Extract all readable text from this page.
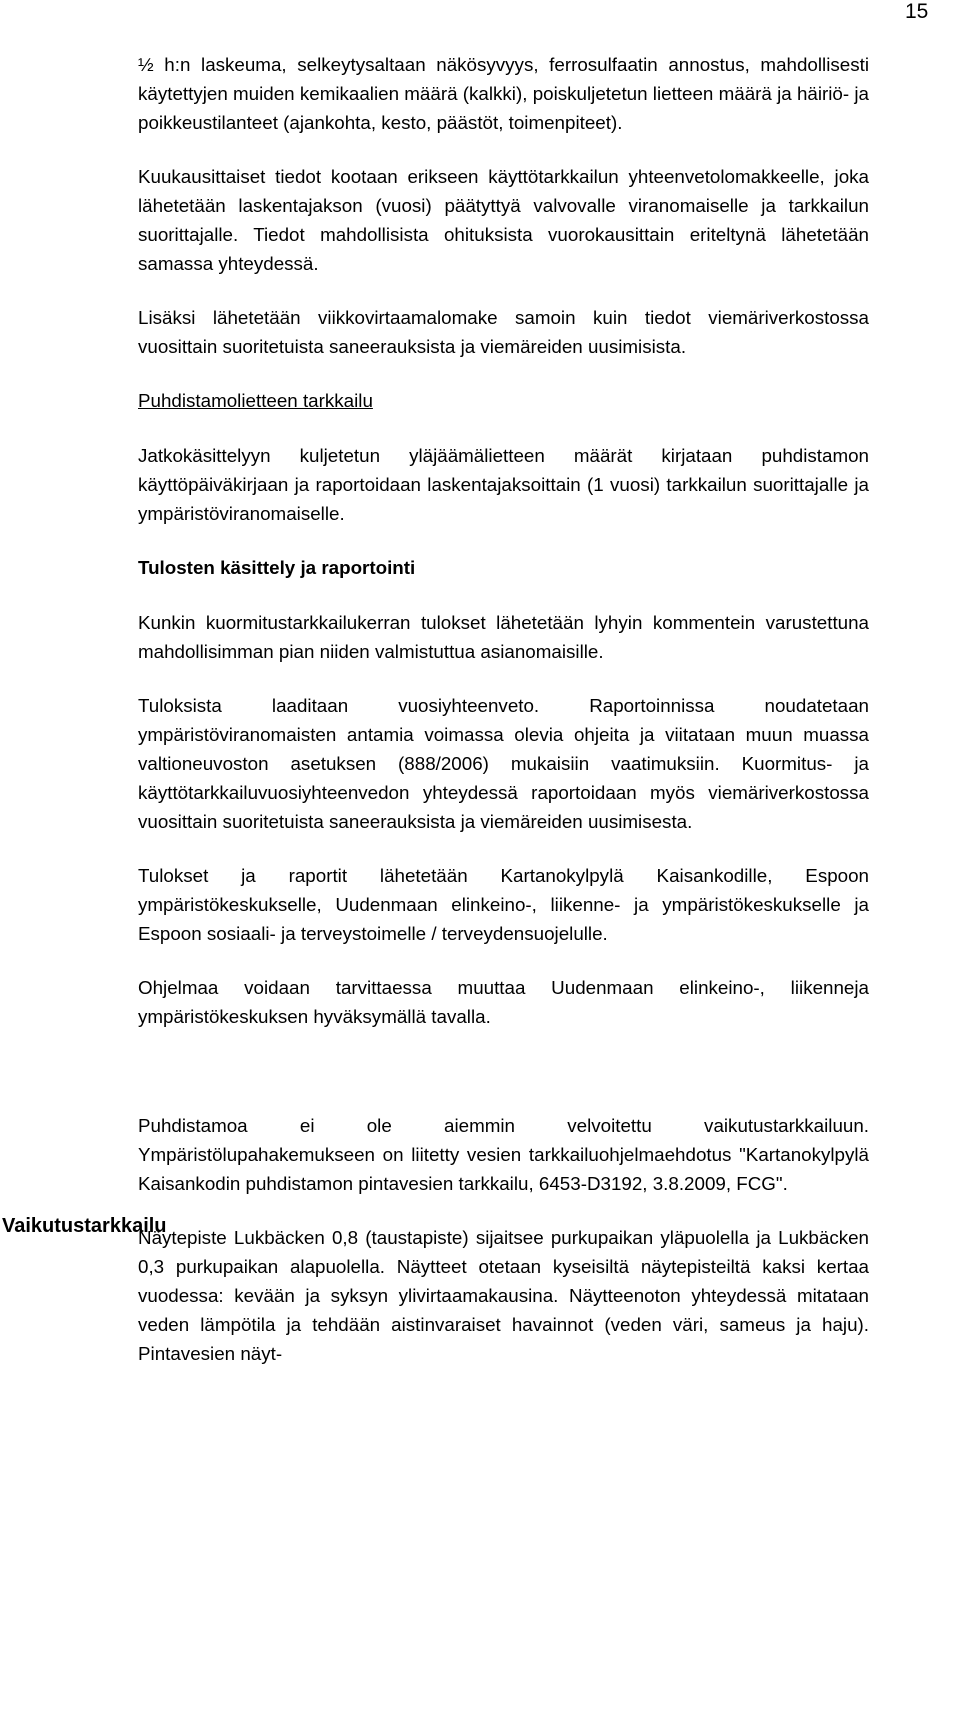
15
Vaikutustarkkailu

½ h:n laskeuma, selkeytysaltaan näkösyvyys, ferrosulfaatin annostus, mahdollisesti käytettyjen muiden kemikaalien määrä (kalkki), poiskuljetetun lietteen määrä ja häiriö- ja poikkeustilanteet (ajankohta, kesto, päästöt, toimenpiteet).

Kuukausittaiset tiedot kootaan erikseen käyttötarkkailun yhteenvetolomakkeelle, joka lähetetään laskentajakson (vuosi) päätyttyä valvovalle viranomaiselle ja tarkkailun suorittajalle. Tiedot mahdollisista ohituksista vuorokausittain eriteltynä lähetetään samassa yhteydessä.

Lisäksi lähetetään viikkovirtaamalomake samoin kuin tiedot viemäriverkostossa vuosittain suoritetuista saneerauksista ja viemäreiden uusimisista.

Puhdistamolietteen tarkkailu

Jatkokäsittelyyn kuljetetun yläjäämälietteen määrät kirjataan puhdistamon käyttöpäiväkirjaan ja raportoidaan laskentajaksoittain (1 vuosi) tarkkailun suorittajalle ja ympäristöviranomaiselle.

Tulosten käsittely ja raportointi

Kunkin kuormitustarkkailukerran tulokset lähetetään lyhyin kommentein varustettuna mahdollisimman pian niiden valmistuttua asianomaisille.

Tuloksista laaditaan vuosiyhteenveto. Raportoinnissa noudatetaan ympäristöviranomaisten antamia voimassa olevia ohjeita ja viitataan muun muassa valtioneuvoston asetuksen (888/2006) mukaisiin vaatimuksiin. Kuormitus- ja käyttötarkkailuvuosiyhteenvedon yhteydessä raportoidaan myös viemäriverkostossa vuosittain suoritetuista saneerauksista ja viemäreiden uusimisesta.

Tulokset ja raportit lähetetään Kartanokylpylä Kaisankodille, Espoon ympäristökeskukselle, Uudenmaan elinkeino-, liikenne- ja ympäristökeskukselle ja Espoon sosiaali- ja terveystoimelle / terveydensuojelulle.

Ohjelmaa voidaan tarvittaessa muuttaa Uudenmaan elinkeino-, liikenneja ympäristökeskuksen hyväksymällä tavalla.

Puhdistamoa ei ole aiemmin velvoitettu vaikutustarkkailuun. Ympäristölupahakemukseen on liitetty vesien tarkkailuohjelmaehdotus "Kartanokylpylä Kaisankodin puhdistamon pintavesien tarkkailu, 6453-D3192, 3.8.2009, FCG".

Näytepiste Lukbäcken 0,8 (taustapiste) sijaitsee purkupaikan yläpuolella ja Lukbäcken 0,3 purkupaikan alapuolella. Näytteet otetaan kyseisiltä näytepisteiltä kaksi kertaa vuodessa: kevään ja syksyn ylivirtaamakausina. Näytteenoton yhteydessä mitataan veden lämpötila ja tehdään aistinvaraiset havainnot (veden väri, sameus ja haju). Pintavesien näyt-
